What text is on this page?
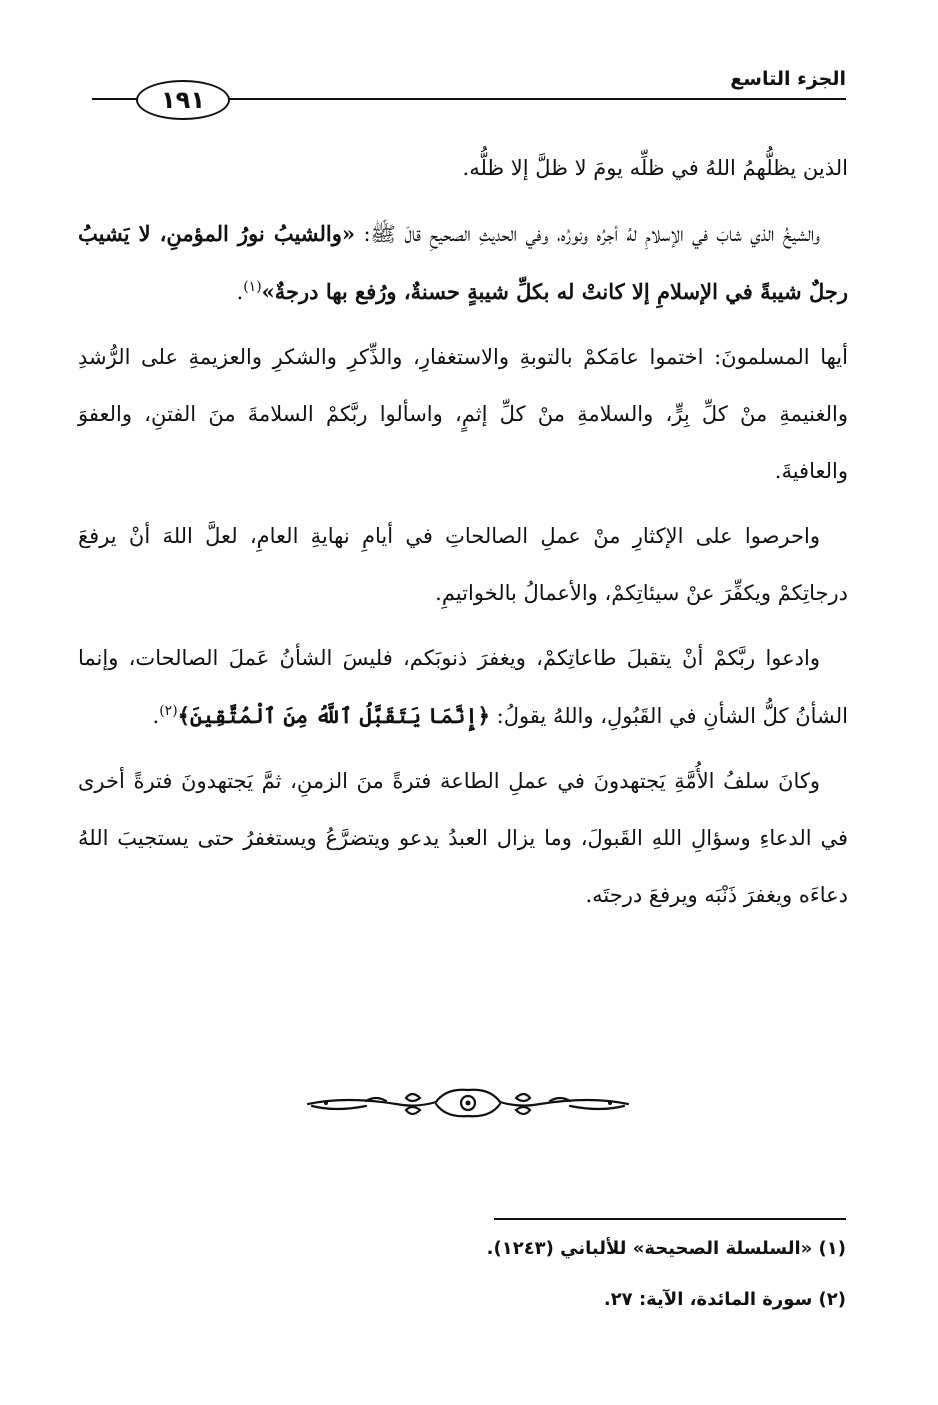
الجزء التاسع
١٩١

الذين يظلُّهمُ اللهُ في ظلِّه يومَ لا ظلَّ إلا ظلُّه.

والشيخُ الذي شابَ في الإسلامِ لهُ أجرُه ونورُه، وفي الحديثِ الصحيحِ قالَ ﷺ: «والشيبُ نورُ المؤمنِ، لا يَشيبُ رجلٌ شيبةً في الإسلامِ إلا كانتْ له بكلِّ شيبةٍ حسنةٌ، ورُفع بها درجةٌ»$^{(١)}$.

أيها المسلمونَ: اختموا عامَكمْ بالتوبةِ والاستغفارِ، والذِّكرِ والشكرِ والعزيمةِ على الرُّشدِ والغنيمةِ منْ كلِّ بِرٍّ، والسلامةِ منْ كلِّ إثمٍ، واسألوا ربَّكمْ السلامةَ منَ الفتنِ، والعفوَ والعافيةَ.

واحرصوا على الإكثارِ منْ عملِ الصالحاتِ في أيامِ نهايةِ العامِ، لعلَّ اللهَ أنْ يرفعَ درجاتِكمْ ويكفِّرَ عنْ سيئاتِكمْ، والأعمالُ بالخواتيمِ.

وادعوا ربَّكمْ أنْ يتقبلَ طاعاتِكمْ، ويغفرَ ذنوبَكم، فليسَ الشأنُ عَملَ الصالحات، وإنما الشأنُ كلُّ الشأنِ في القَبُولِ، واللهُ يقولُ: ﴿إِنَّمَا يَتَقَبَّلُ ٱللَّهُ مِنَ ٱلْمُتَّقِينَ﴾$^{(٢)}$.

وكانَ سلفُ الأُمَّةِ يَجتهدونَ في عملِ الطاعة فترةً منَ الزمنِ، ثمَّ يَجتهدونَ فترةً أخرى في الدعاءِ وسؤالِ اللهِ القَبولَ، وما يزال العبدُ يدعو ويتضرَّعُ ويستغفرُ حتى يستجيبَ اللهُ دعاءَه ويغفرَ ذَنْبَه ويرفعَ درجتَه.

(١) «السلسلة الصحيحة» للألباني (١٢٤٣).

(٢) سورة المائدة، الآية: ٢٧.
